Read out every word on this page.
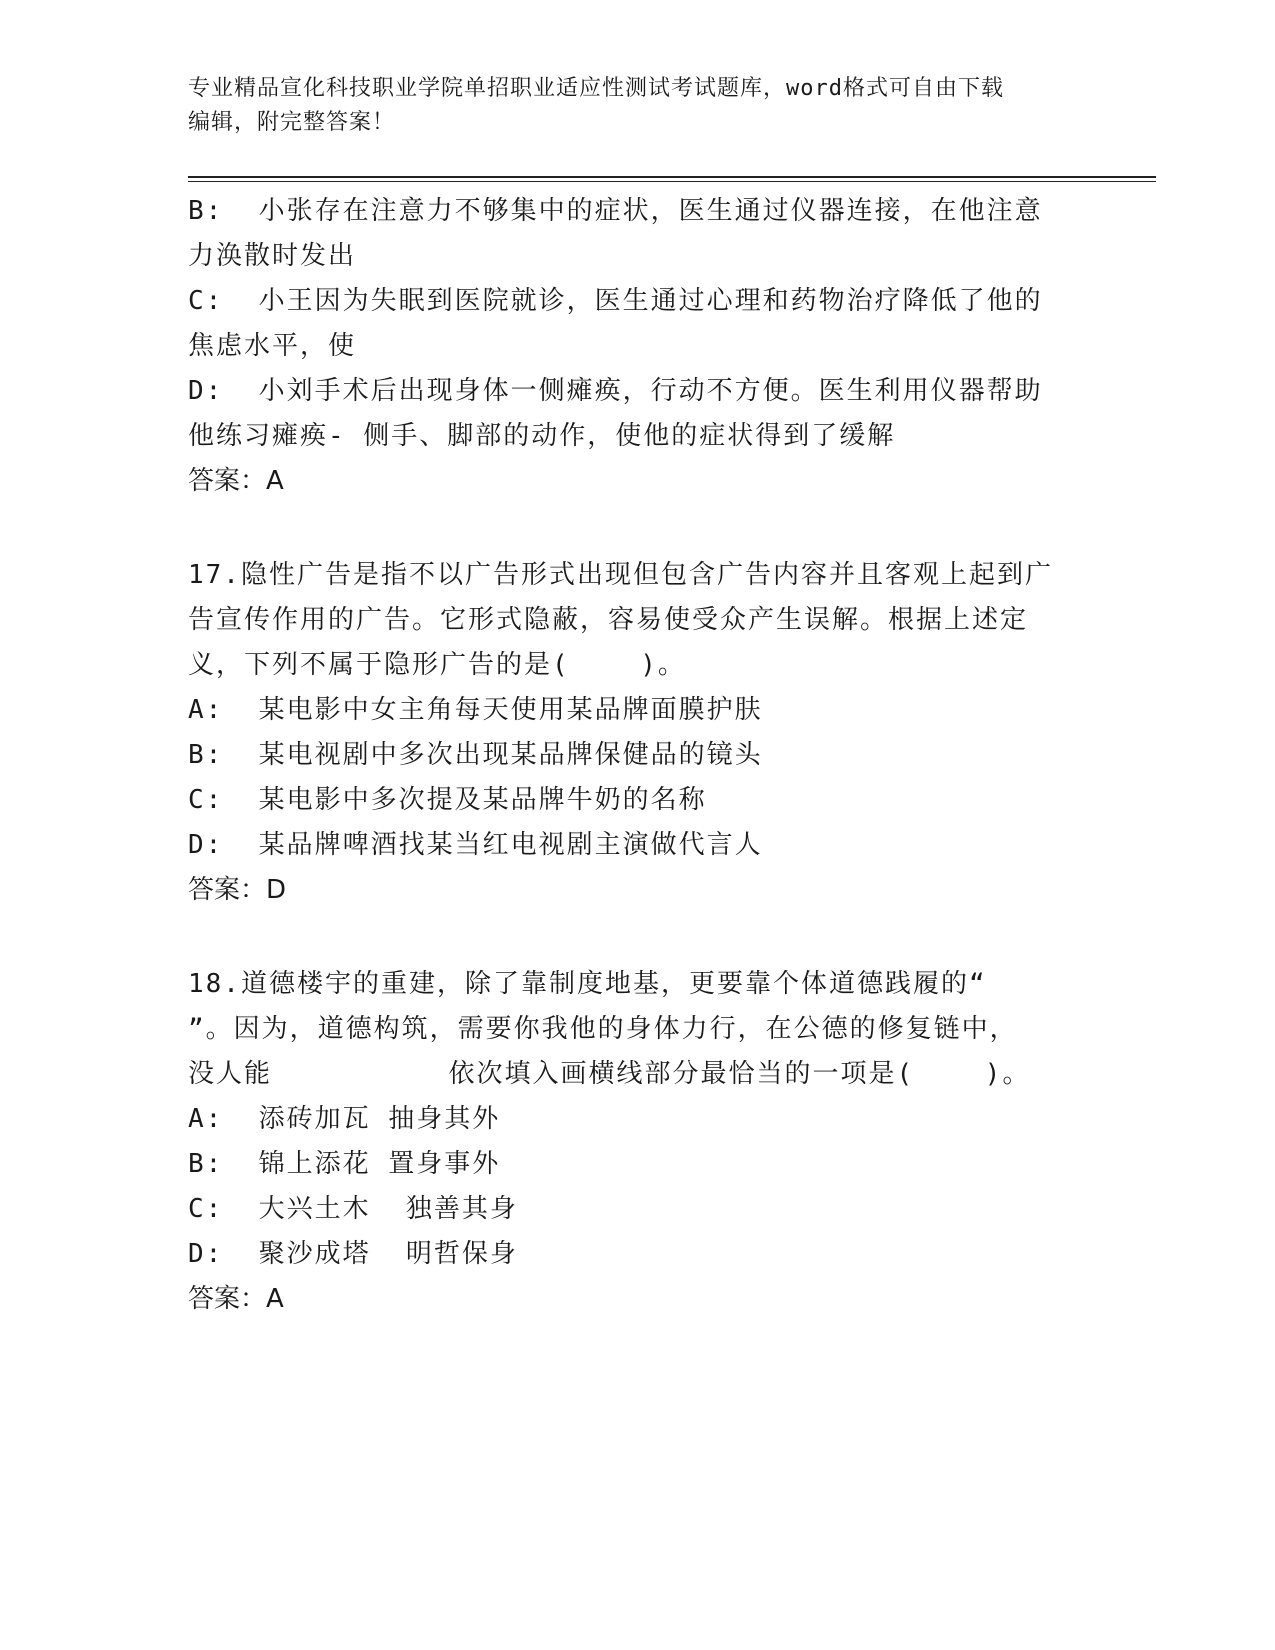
专业精品宣化科技职业学院单招职业适应性测试考试题库，word格式可自由下载
编辑，附完整答案！
B:  小张存在注意力不够集中的症状，医生通过仪器连接，在他注意
力涣散时发出
C:  小王因为失眠到医院就诊，医生通过心理和药物治疗降低了他的
焦虑水平，使
D:  小刘手术后出现身体一侧瘫痪，行动不方便。医生利用仪器帮助
他练习瘫痪- 侧手、脚部的动作，使他的症状得到了缓解
答案：A
17.隐性广告是指不以广告形式出现但包含广告内容并且客观上起到广
告宣传作用的广告。它形式隐蔽，容易使受众产生误解。根据上述定
义，下列不属于隐形广告的是(    )。
A:  某电影中女主角每天使用某品牌面膜护肤
B:  某电视剧中多次出现某品牌保健品的镜头
C:  某电影中多次提及某品牌牛奶的名称
D:  某品牌啤酒找某当红电视剧主演做代言人
答案：D
18.道德楼宇的重建，除了靠制度地基，更要靠个体道德践履的“
”。因为，道德构筑，需要你我他的身体力行，在公德的修复链中，
没人能          依次填入画横线部分最恰当的一项是(    )。
A:  添砖加瓦 抽身其外
B:  锦上添花 置身事外
C:  大兴土木  独善其身
D:  聚沙成塔  明哲保身
答案：A
